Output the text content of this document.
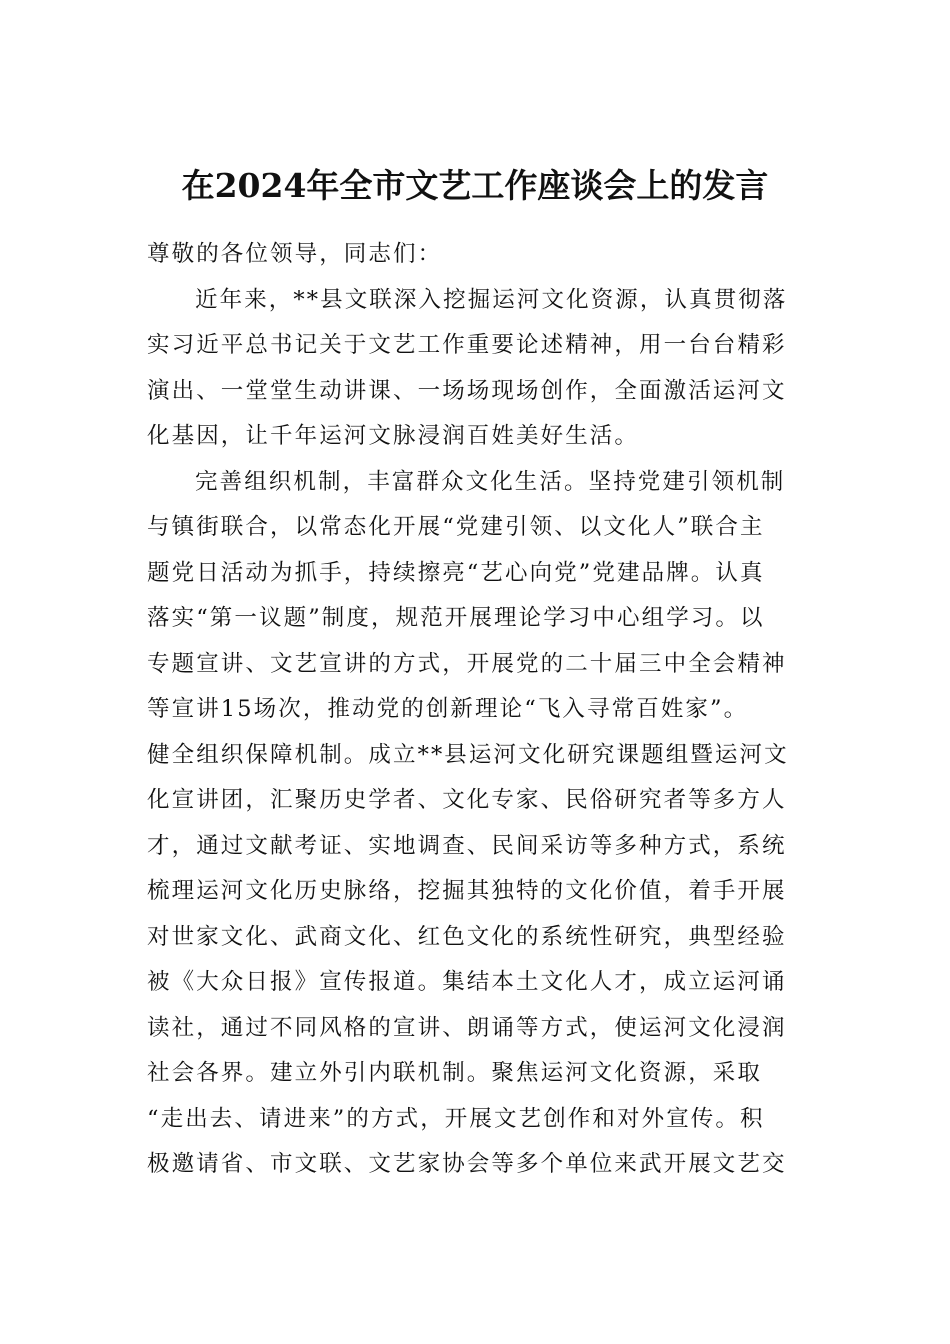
在2024年全市文艺工作座谈会上的发言
尊敬的各位领导，同志们：
近年来，**县文联深入挖掘运河文化资源，认真贯彻落
实习近平总书记关于文艺工作重要论述精神，用一台台精彩
演出、一堂堂生动讲课、一场场现场创作，全面激活运河文
化基因，让千年运河文脉浸润百姓美好生活。
完善组织机制，丰富群众文化生活。坚持党建引领机制
与镇街联合，以常态化开展“党建引领、以文化人”联合主
题党日活动为抓手，持续擦亮“艺心向党”党建品牌。认真
落实“第一议题”制度，规范开展理论学习中心组学习。以
专题宣讲、文艺宣讲的方式，开展党的二十届三中全会精神
等宣讲15场次，推动党的创新理论“飞入寻常百姓家”。
健全组织保障机制。成立**县运河文化研究课题组暨运河文
化宣讲团，汇聚历史学者、文化专家、民俗研究者等多方人
才，通过文献考证、实地调查、民间采访等多种方式，系统
梳理运河文化历史脉络，挖掘其独特的文化价值，着手开展
对世家文化、武商文化、红色文化的系统性研究，典型经验
被《大众日报》宣传报道。集结本土文化人才，成立运河诵
读社，通过不同风格的宣讲、朗诵等方式，使运河文化浸润
社会各界。建立外引内联机制。聚焦运河文化资源，采取
“走出去、请进来”的方式，开展文艺创作和对外宣传。积
极邀请省、市文联、文艺家协会等多个单位来武开展文艺交
